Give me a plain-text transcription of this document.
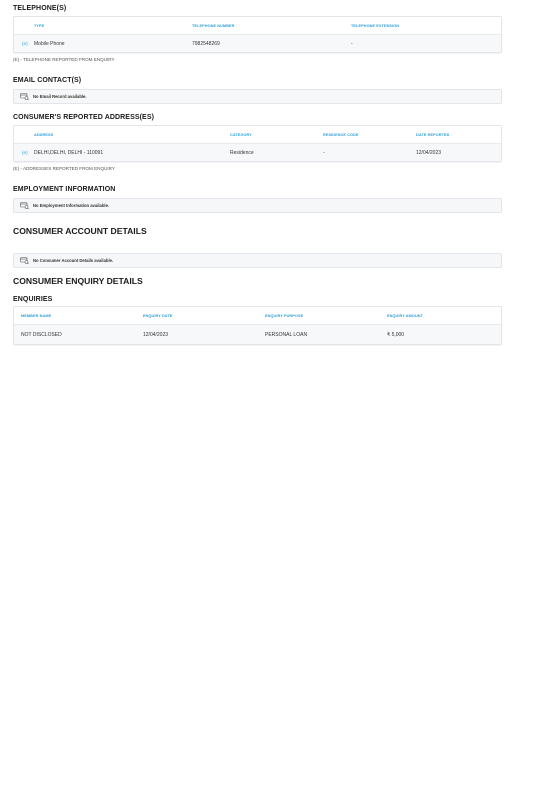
TELEPHONE(S)
TYPE	TELEPHONE NUMBER	TELEPHONE EXTENSION
(e)	Mobile Phone	7982548269	-
(E) - TELEPHONE REPORTED FROM ENQUIRY
EMAIL CONTACT(S)
No Email Record available.
CONSUMER'S REPORTED ADDRESS(ES)
ADDRESS	CATEGORY	RESIDENCE CODE	DATE REPORTED
(e)	DELHI,DELHI, DELHI - 110091	Residence	-	12/04/2023
(E) - ADDRESSES REPORTED FROM ENQUIRY
EMPLOYMENT INFORMATION
No Employment Information available.
CONSUMER ACCOUNT DETAILS
No Consumer Account Details available.
CONSUMER ENQUIRY DETAILS
ENQUIRIES
MEMBER NAME	ENQUIRY DATE	ENQUIRY PURPOSE	ENQUIRY AMOUNT
NOT DISCLOSED	12/04/2023	PERSONAL LOAN	₹ 5,000
